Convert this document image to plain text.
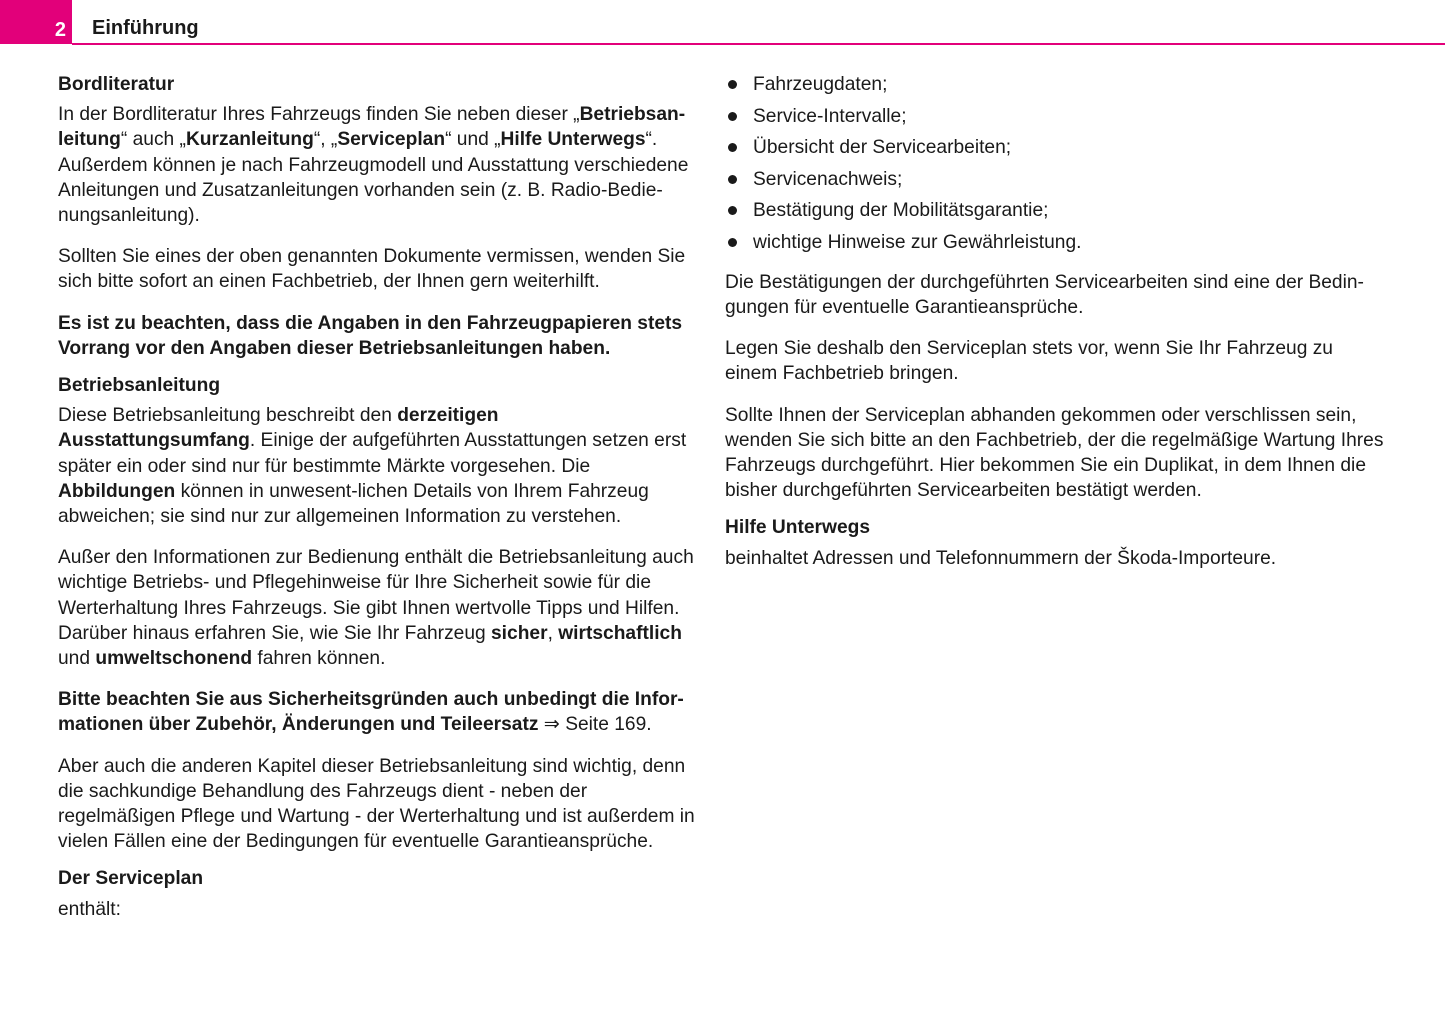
2	Einführung
Bordliteratur

In der Bordliteratur Ihres Fahrzeugs finden Sie neben dieser „Betriebsan-leitung“ auch „Kurzanleitung“, „Serviceplan“ und „Hilfe Unterwegs“. Außerdem können je nach Fahrzeugmodell und Ausstattung verschiedene Anleitungen und Zusatzanleitungen vorhanden sein (z. B. Radio-Bedie-nungsanleitung).

Sollten Sie eines der oben genannten Dokumente vermissen, wenden Sie sich bitte sofort an einen Fachbetrieb, der Ihnen gern weiterhilft.

Es ist zu beachten, dass die Angaben in den Fahrzeugpapieren stets Vorrang vor den Angaben dieser Betriebsanleitungen haben.

Betriebsanleitung

Diese Betriebsanleitung beschreibt den derzeitigen Ausstattungsumfang. Einige der aufgeführten Ausstattungen setzen erst später ein oder sind nur für bestimmte Märkte vorgesehen. Die Abbildungen können in unwesent-lichen Details von Ihrem Fahrzeug abweichen; sie sind nur zur allgemeinen Information zu verstehen.

Außer den Informationen zur Bedienung enthält die Betriebsanleitung auch wichtige Betriebs- und Pflegehinweise für Ihre Sicherheit sowie für die Werterhaltung Ihres Fahrzeugs. Sie gibt Ihnen wertvolle Tipps und Hilfen. Darüber hinaus erfahren Sie, wie Sie Ihr Fahrzeug sicher, wirtschaftlich und umweltschonend fahren können.

Bitte beachten Sie aus Sicherheitsgründen auch unbedingt die Infor-mationen über Zubehör, Änderungen und Teileersatz ⇒ Seite 169.

Aber auch die anderen Kapitel dieser Betriebsanleitung sind wichtig, denn die sachkundige Behandlung des Fahrzeugs dient - neben der regelmäßigen Pflege und Wartung - der Werterhaltung und ist außerdem in vielen Fällen eine der Bedingungen für eventuelle Garantieansprüche.

Der Serviceplan

enthält:

Fahrzeugdaten;
Service-Intervalle;
Übersicht der Servicearbeiten;
Servicenachweis;
Bestätigung der Mobilitätsgarantie;
wichtige Hinweise zur Gewährleistung.

Die Bestätigungen der durchgeführten Servicearbeiten sind eine der Bedin-gungen für eventuelle Garantieansprüche.

Legen Sie deshalb den Serviceplan stets vor, wenn Sie Ihr Fahrzeug zu einem Fachbetrieb bringen.

Sollte Ihnen der Serviceplan abhanden gekommen oder verschlissen sein, wenden Sie sich bitte an den Fachbetrieb, der die regelmäßige Wartung Ihres Fahrzeugs durchgeführt. Hier bekommen Sie ein Duplikat, in dem Ihnen die bisher durchgeführten Servicearbeiten bestätigt werden.

Hilfe Unterwegs

beinhaltet Adressen und Telefonnummern der Škoda-Importeure.
